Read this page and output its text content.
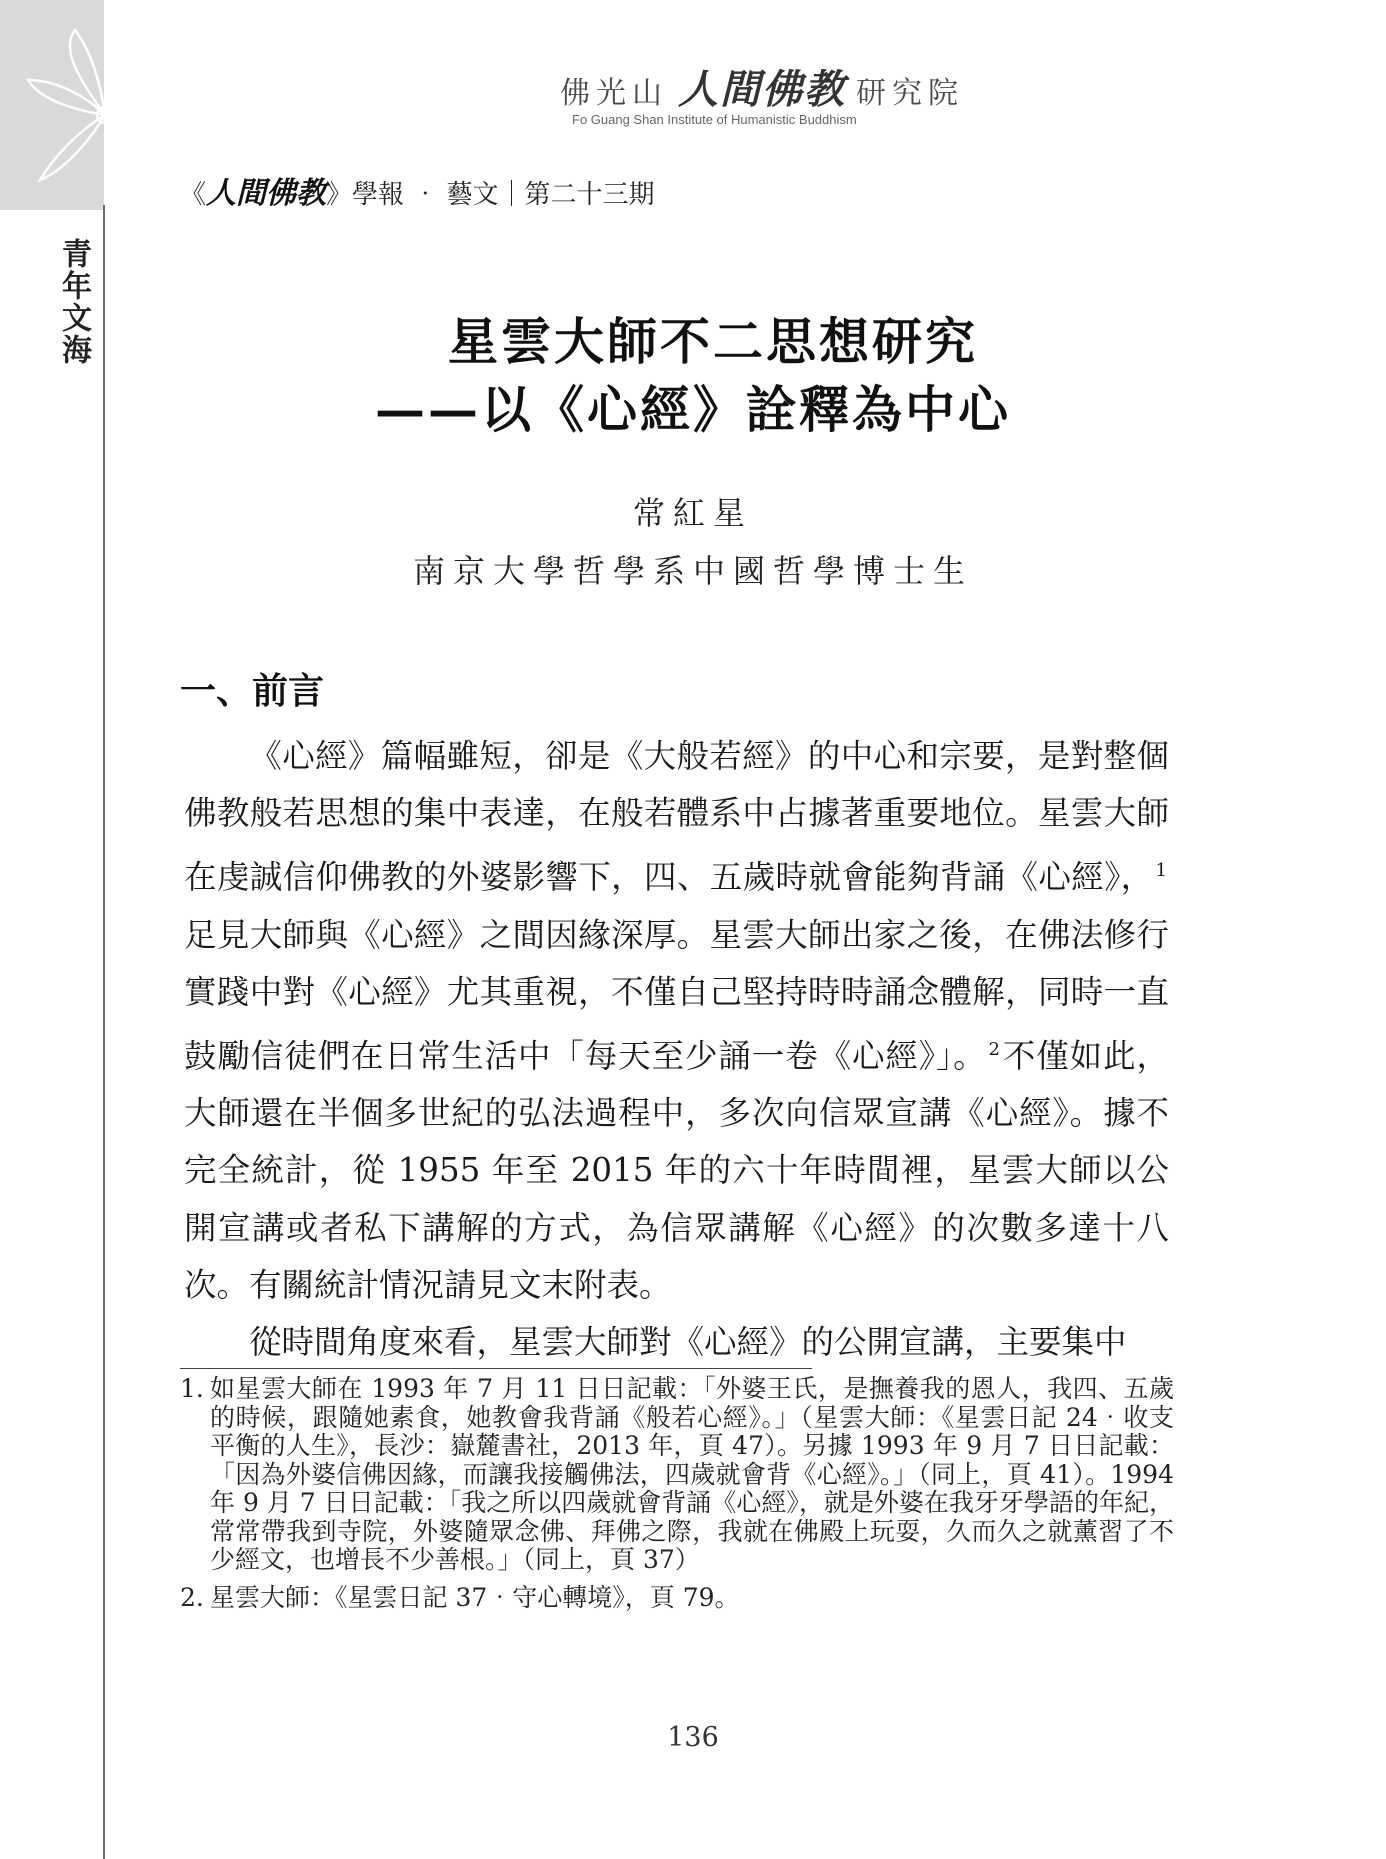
青年文海
佛光山 人間佛教 研究院
Fo Guang Shan Institute of Humanistic Buddhism
《 人間佛教 》 學報 ‧ 藝文｜第二十三期
星雲大師不二思想研究
——以《心經》詮釋為中心
常紅星
南京大學哲學系中國哲學博士生
一、前言

《心經》篇幅雖短，卻是《大般若經》的中心和宗要，是對整個佛教般若思想的集中表達，在般若體系中占據著重要地位。星雲大師在虔誠信仰佛教的外婆影響下，四、五歲時就會能夠背誦《心經》， $^1$足見大師與《心經》之間因緣深厚。星雲大師出家之後，在佛法修行實踐中對《心經》尤其重視，不僅自己堅持時時誦念體解，同時一直鼓勵信徒們在日常生活中「每天至少誦一卷《心經》」。 $^2$不僅如此，大師還在半個多世紀的弘法過程中，多次向信眾宣講《心經》。據不完全統計，從 1955 年至 2015 年的六十年時間裡，星雲大師以公開宣講或者私下講解的方式，為信眾講解《心經》的次數多達十八次。有關統計情況請見文末附表。

從時間角度來看，星雲大師對《心經》的公開宣講，主要集中

1. 如星雲大師在 1993 年 7 月 11 日日記載：「外婆王氏，是撫養我的恩人，我四、五歲的時候，跟隨她素食，她教會我背誦《般若心經》。」（星雲大師：《星雲日記 24‧收支平衡的人生》，長沙：嶽麓書社，2013 年，頁 47）。另據 1993 年 9 月 7 日日記載：「因為外婆信佛因緣，而讓我接觸佛法，四歲就會背《心經》。」（同上，頁 41）。1994 年 9 月 7 日日記載：「我之所以四歲就會背誦《心經》，就是外婆在我牙牙學語的年紀，常常帶我到寺院，外婆隨眾念佛、拜佛之際，我就在佛殿上玩耍，久而久之就薰習了不少經文，也增長不少善根。」（同上，頁 37）
2. 星雲大師：《星雲日記 37‧守心轉境》，頁 79。
136
